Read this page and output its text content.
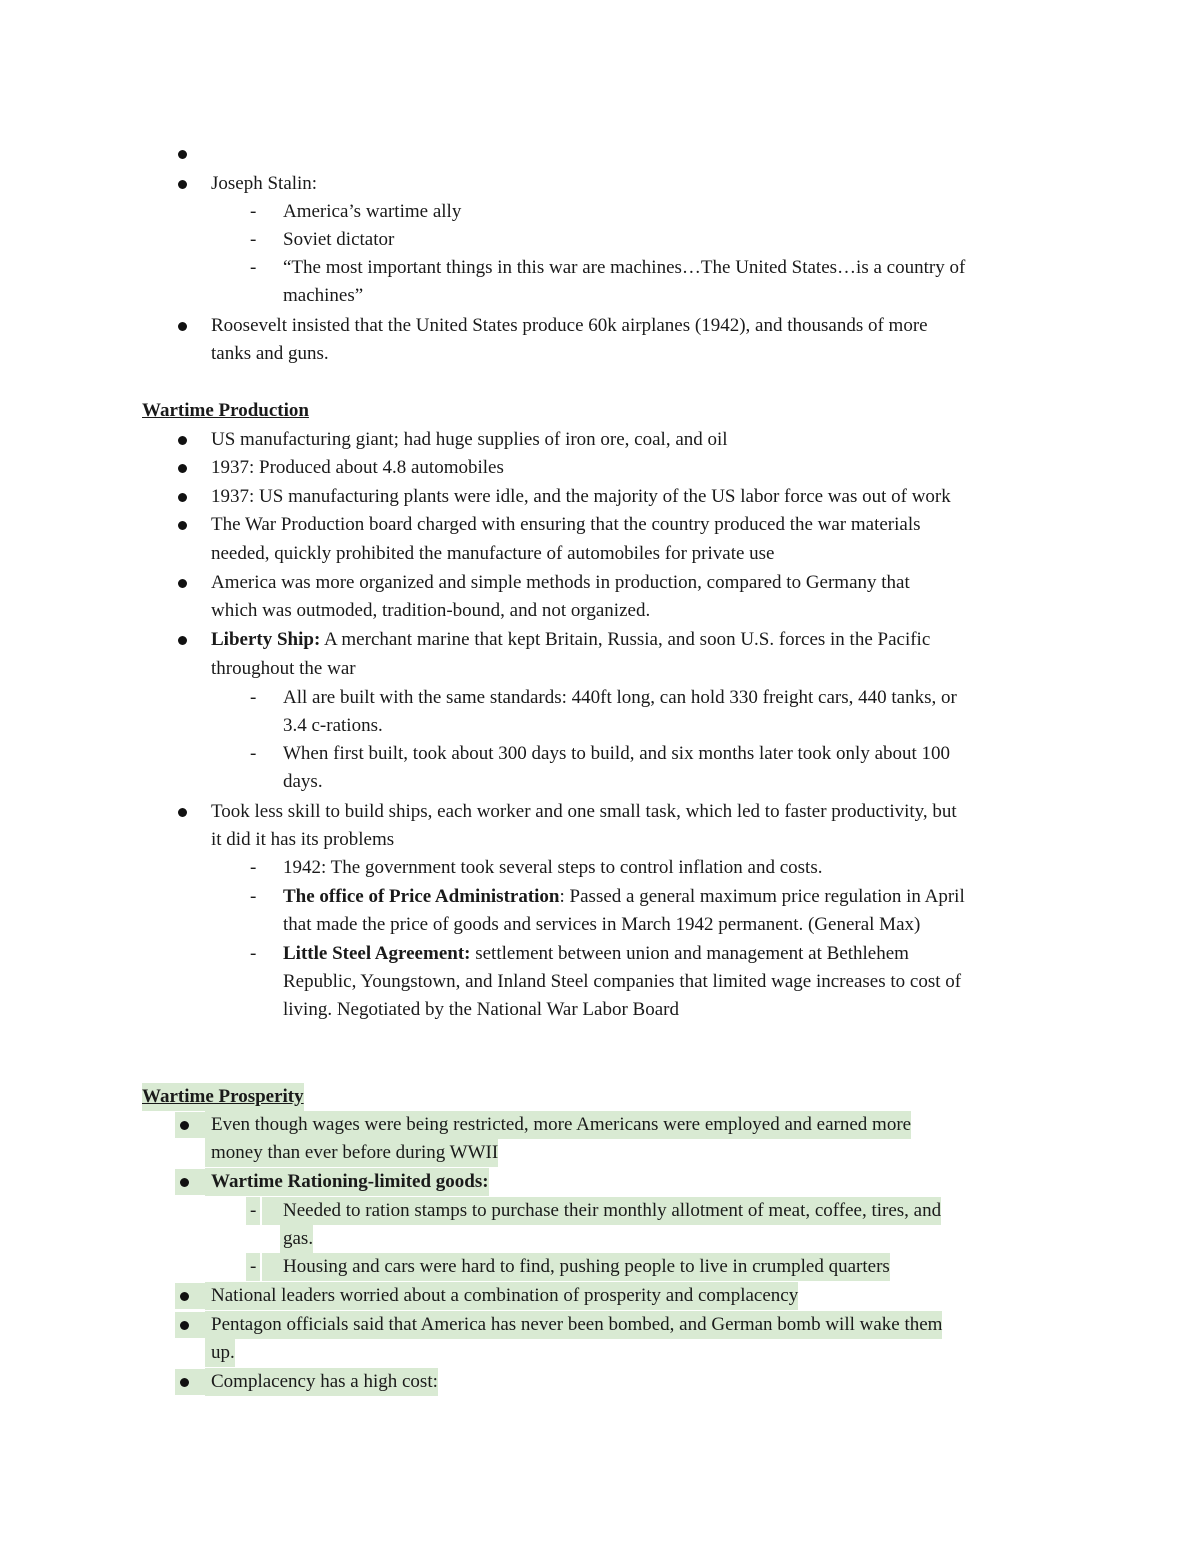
Joseph Stalin:
- America’s wartime ally
- Soviet dictator
- “The most important things in this war are machines…The United States…is a country of
machines”
Roosevelt insisted that the United States produce 60k airplanes (1942), and thousands of more
tanks and guns.
Wartime Production
US manufacturing giant; had huge supplies of iron ore, coal, and oil
1937: Produced about 4.8 automobiles
1937: US manufacturing plants were idle, and the majority of the US labor force was out of work
The War Production board charged with ensuring that the country produced the war materials
needed, quickly prohibited the manufacture of automobiles for private use
America was more organized and simple methods in production, compared to Germany that
which was outmoded, tradition-bound, and not organized.
Liberty Ship: A merchant marine that kept Britain, Russia, and soon U.S. forces in the Pacific
throughout the war
- All are built with the same standards: 440ft long, can hold 330 freight cars, 440 tanks, or
3.4 c-rations.
- When first built, took about 300 days to build, and six months later took only about 100
days.
Took less skill to build ships, each worker and one small task, which led to faster productivity, but
it did it has its problems
- 1942: The government took several steps to control inflation and costs.
- The office of Price Administration: Passed a general maximum price regulation in April
that made the price of goods and services in March 1942 permanent. (General Max)
- Little Steel Agreement: settlement between union and management at Bethlehem
Republic, Youngstown, and Inland Steel companies that limited wage increases to cost of
living. Negotiated by the National War Labor Board
Wartime Prosperity
Even though wages were being restricted, more Americans were employed and earned more
money than ever before during WWII
Wartime Rationing-limited goods:
-	Needed to ration stamps to purchase their monthly allotment of meat, coffee, tires, and
gas.
-	Housing and cars were hard to find, pushing people to live in crumpled quarters
National leaders worried about a combination of prosperity and complacency
Pentagon officials said that America has never been bombed, and German bomb will wake them
up.
Complacency has a high cost:
